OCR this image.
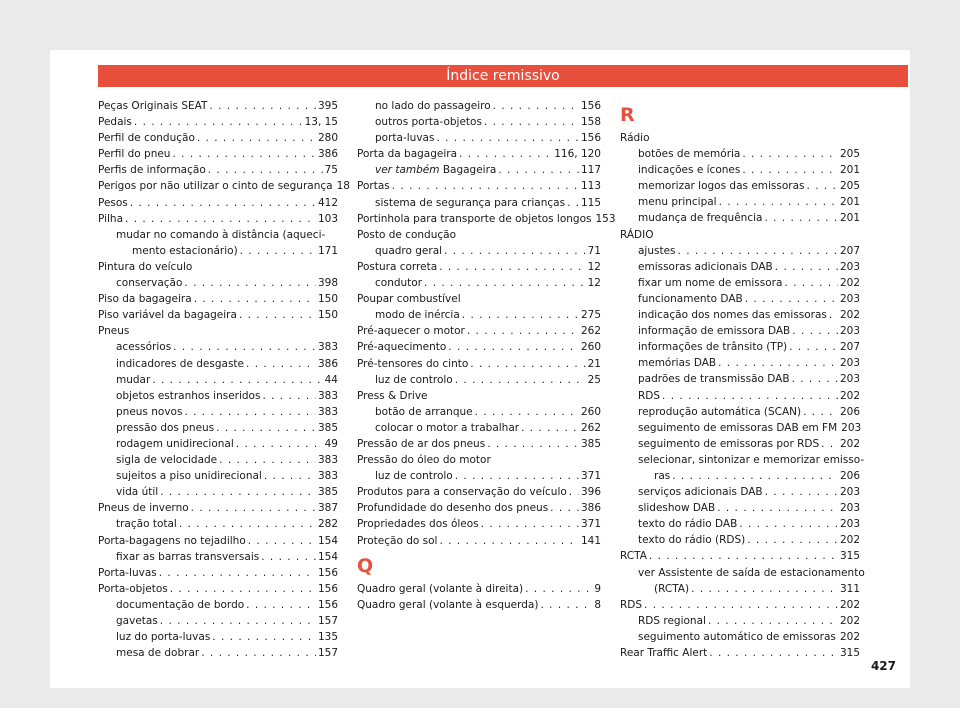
Índice remissivo
Peças Originais SEAT . . .	395
Pedais . . .	13, 15
Perfil de condução . . .	280
Perfil do pneu . . .	386
Perfis de informação . . .	75
Perigos por não utilizar o cinto de segurança 18
Pesos . . .	412
Pilha . . .	103
mudar no comando à distância (aqueci-
mento estacionário) . . .	171
Pintura do veículo
conservação . . .	398
Piso da bagageira . . .	150
Piso variável da bagageira . . .	150
Pneus
acessórios . . .	383
indicadores de desgaste . . .	386
mudar . . .	44
objetos estranhos inseridos . . .	383
pneus novos . . .	383
pressão dos pneus . . .	385
rodagem unidirecional . . .	49
sigla de velocidade . . .	383
sujeitos a piso unidirecional . . .	383
vida útil . . .	385
Pneus de inverno . . .	387
tração total . . .	282
Porta-bagagens no tejadilho . . .	154
fixar as barras transversais . . .	154
Porta-luvas . . .	156
Porta-objetos . . .	156
documentação de bordo . . .	156
gavetas . . .	157
luz do porta-luvas . . .	135
mesa de dobrar . . .	157
no lado do passageiro . . .	156
outros porta-objetos . . .	158
porta-luvas . . .	156
Porta da bagageira . . .	116, 120
ver também Bagageira . . .	117
Portas . . .	113
sistema de segurança para crianças . . . 115
Portinhola para transporte de objetos longos 153
Posto de condução
quadro geral . . .	71
Postura correta . . .	12
condutor . . .	12
Poupar combustível
modo de inércia . . .	275
Pré-aquecer o motor . . .	262
Pré-aquecimento . . .	260
Pré-tensores do cinto . . .	21
luz de controlo . . .	25
Press & Drive
botão de arranque . . .	260
colocar o motor a trabalhar . . .	262
Pressão de ar dos pneus . . .	385
Pressão do óleo do motor
luz de controlo . . .	371
Produtos para a conservação do veículo . . . 396
Profundidade do desenho dos pneus . . .	386
Propriedades dos óleos . . .	371
Proteção do sol . . .	141
Q
Quadro geral (volante à direita) . . .	9
Quadro geral (volante à esquerda) . . .	8
R
Rádio
botões de memória . . .	205
indicações e ícones . . .	201
memorizar logos das emissoras . . .	205
menu principal . . .	201
mudança de frequência . . .	201
RÁDIO
ajustes . . .	207
emissoras adicionais DAB . . .	203
fixar um nome de emissora . . .	202
funcionamento DAB . . .	203
indicação dos nomes das emissoras . . . 202
informação de emissora DAB . . .	203
informações de trânsito (TP) . . .	207
memórias DAB . . .	203
padrões de transmissão DAB . . .	203
RDS . . .	202
reprodução automática (SCAN) . . .	206
seguimento de emissoras DAB em FM 203
seguimento de emissoras por RDS . . . 202
selecionar, sintonizar e memorizar emisso-
ras . . .	206
serviços adicionais DAB . . .	203
slideshow DAB . . .	203
texto do rádio DAB . . .	203
texto do rádio (RDS) . . .	202
RCTA . . .	315
ver Assistente de saída de estacionamento
(RCTA) . . .	311
RDS . . .	202
RDS regional . . .	202
seguimento automático de emissoras . . . 202
Rear Traffic Alert . . .	315
427
